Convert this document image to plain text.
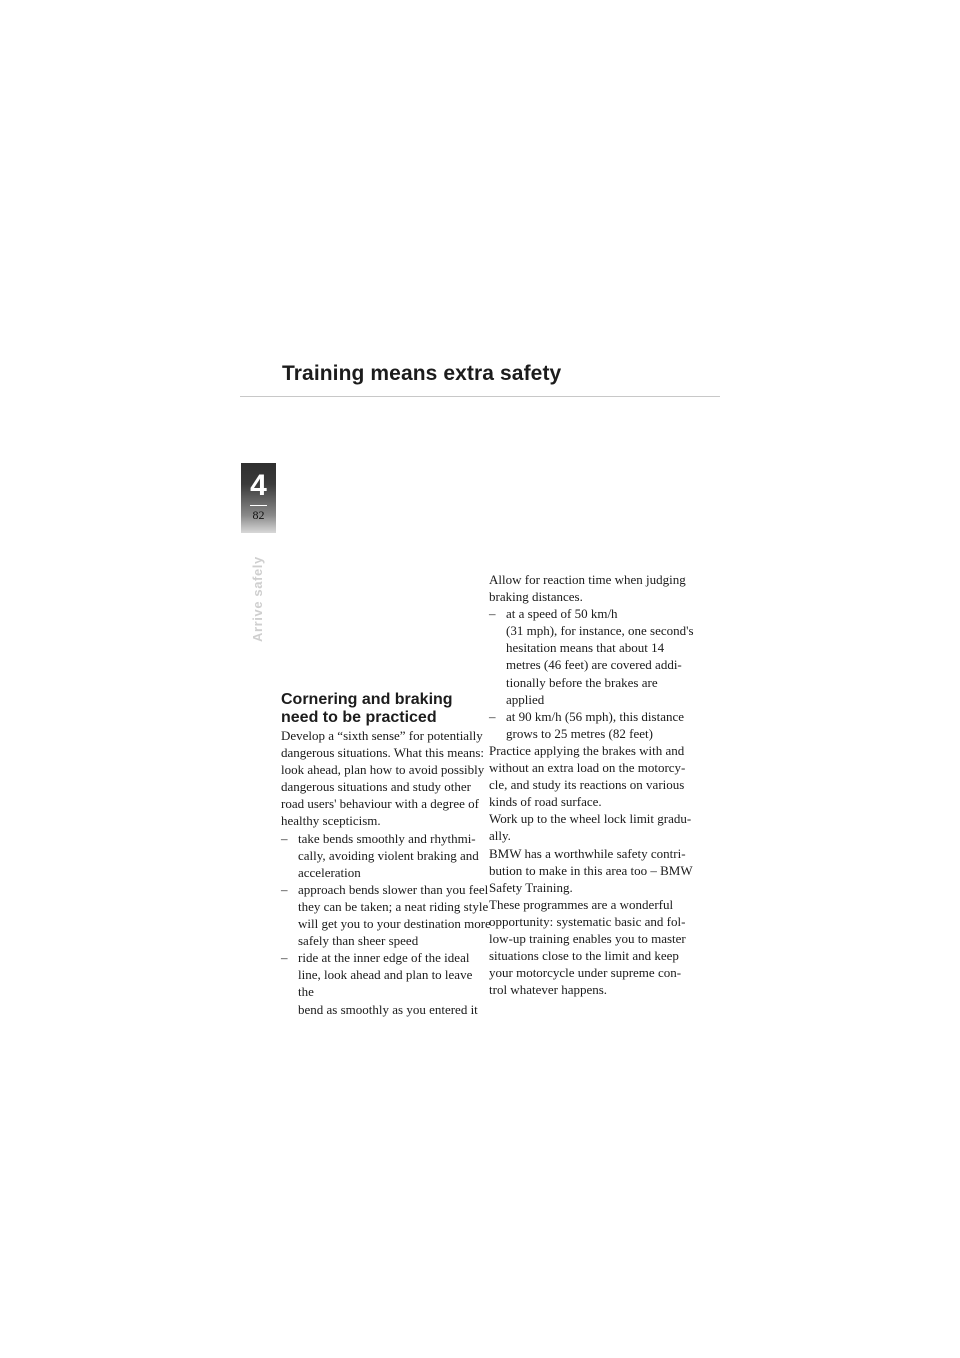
Training means extra safety
4
82
Arrive safely
Cornering and braking
need to be practiced
Develop a “sixth sense” for potentially
dangerous situations. What this means:
look ahead, plan how to avoid possibly
dangerous situations and study other
road users' behaviour with a degree of
healthy scepticism.
– take bends smoothly and rhythmi-
cally, avoiding violent braking and
acceleration
– approach bends slower than you feel
they can be taken; a neat riding style
will get you to your destination more
safely than sheer speed
– ride at the inner edge of the ideal
line, look ahead and plan to leave the
bend as smoothly as you entered it
Allow for reaction time when judging
braking distances.
– at a speed of 50 km/h
(31 mph), for instance, one second's
hesitation means that about 14
metres (46 feet) are covered addi-
tionally before the brakes are
applied
– at 90 km/h (56 mph), this distance
grows to 25 metres (82 feet)
Practice applying the brakes with and
without an extra load on the motorcy-
cle, and study its reactions on various
kinds of road surface.
Work up to the wheel lock limit gradu-
ally.
BMW has a worthwhile safety contri-
bution to make in this area too – BMW
Safety Training.
These programmes are a wonderful
opportunity: systematic basic and fol-
low-up training enables you to master
situations close to the limit and keep
your motorcycle under supreme con-
trol whatever happens.
